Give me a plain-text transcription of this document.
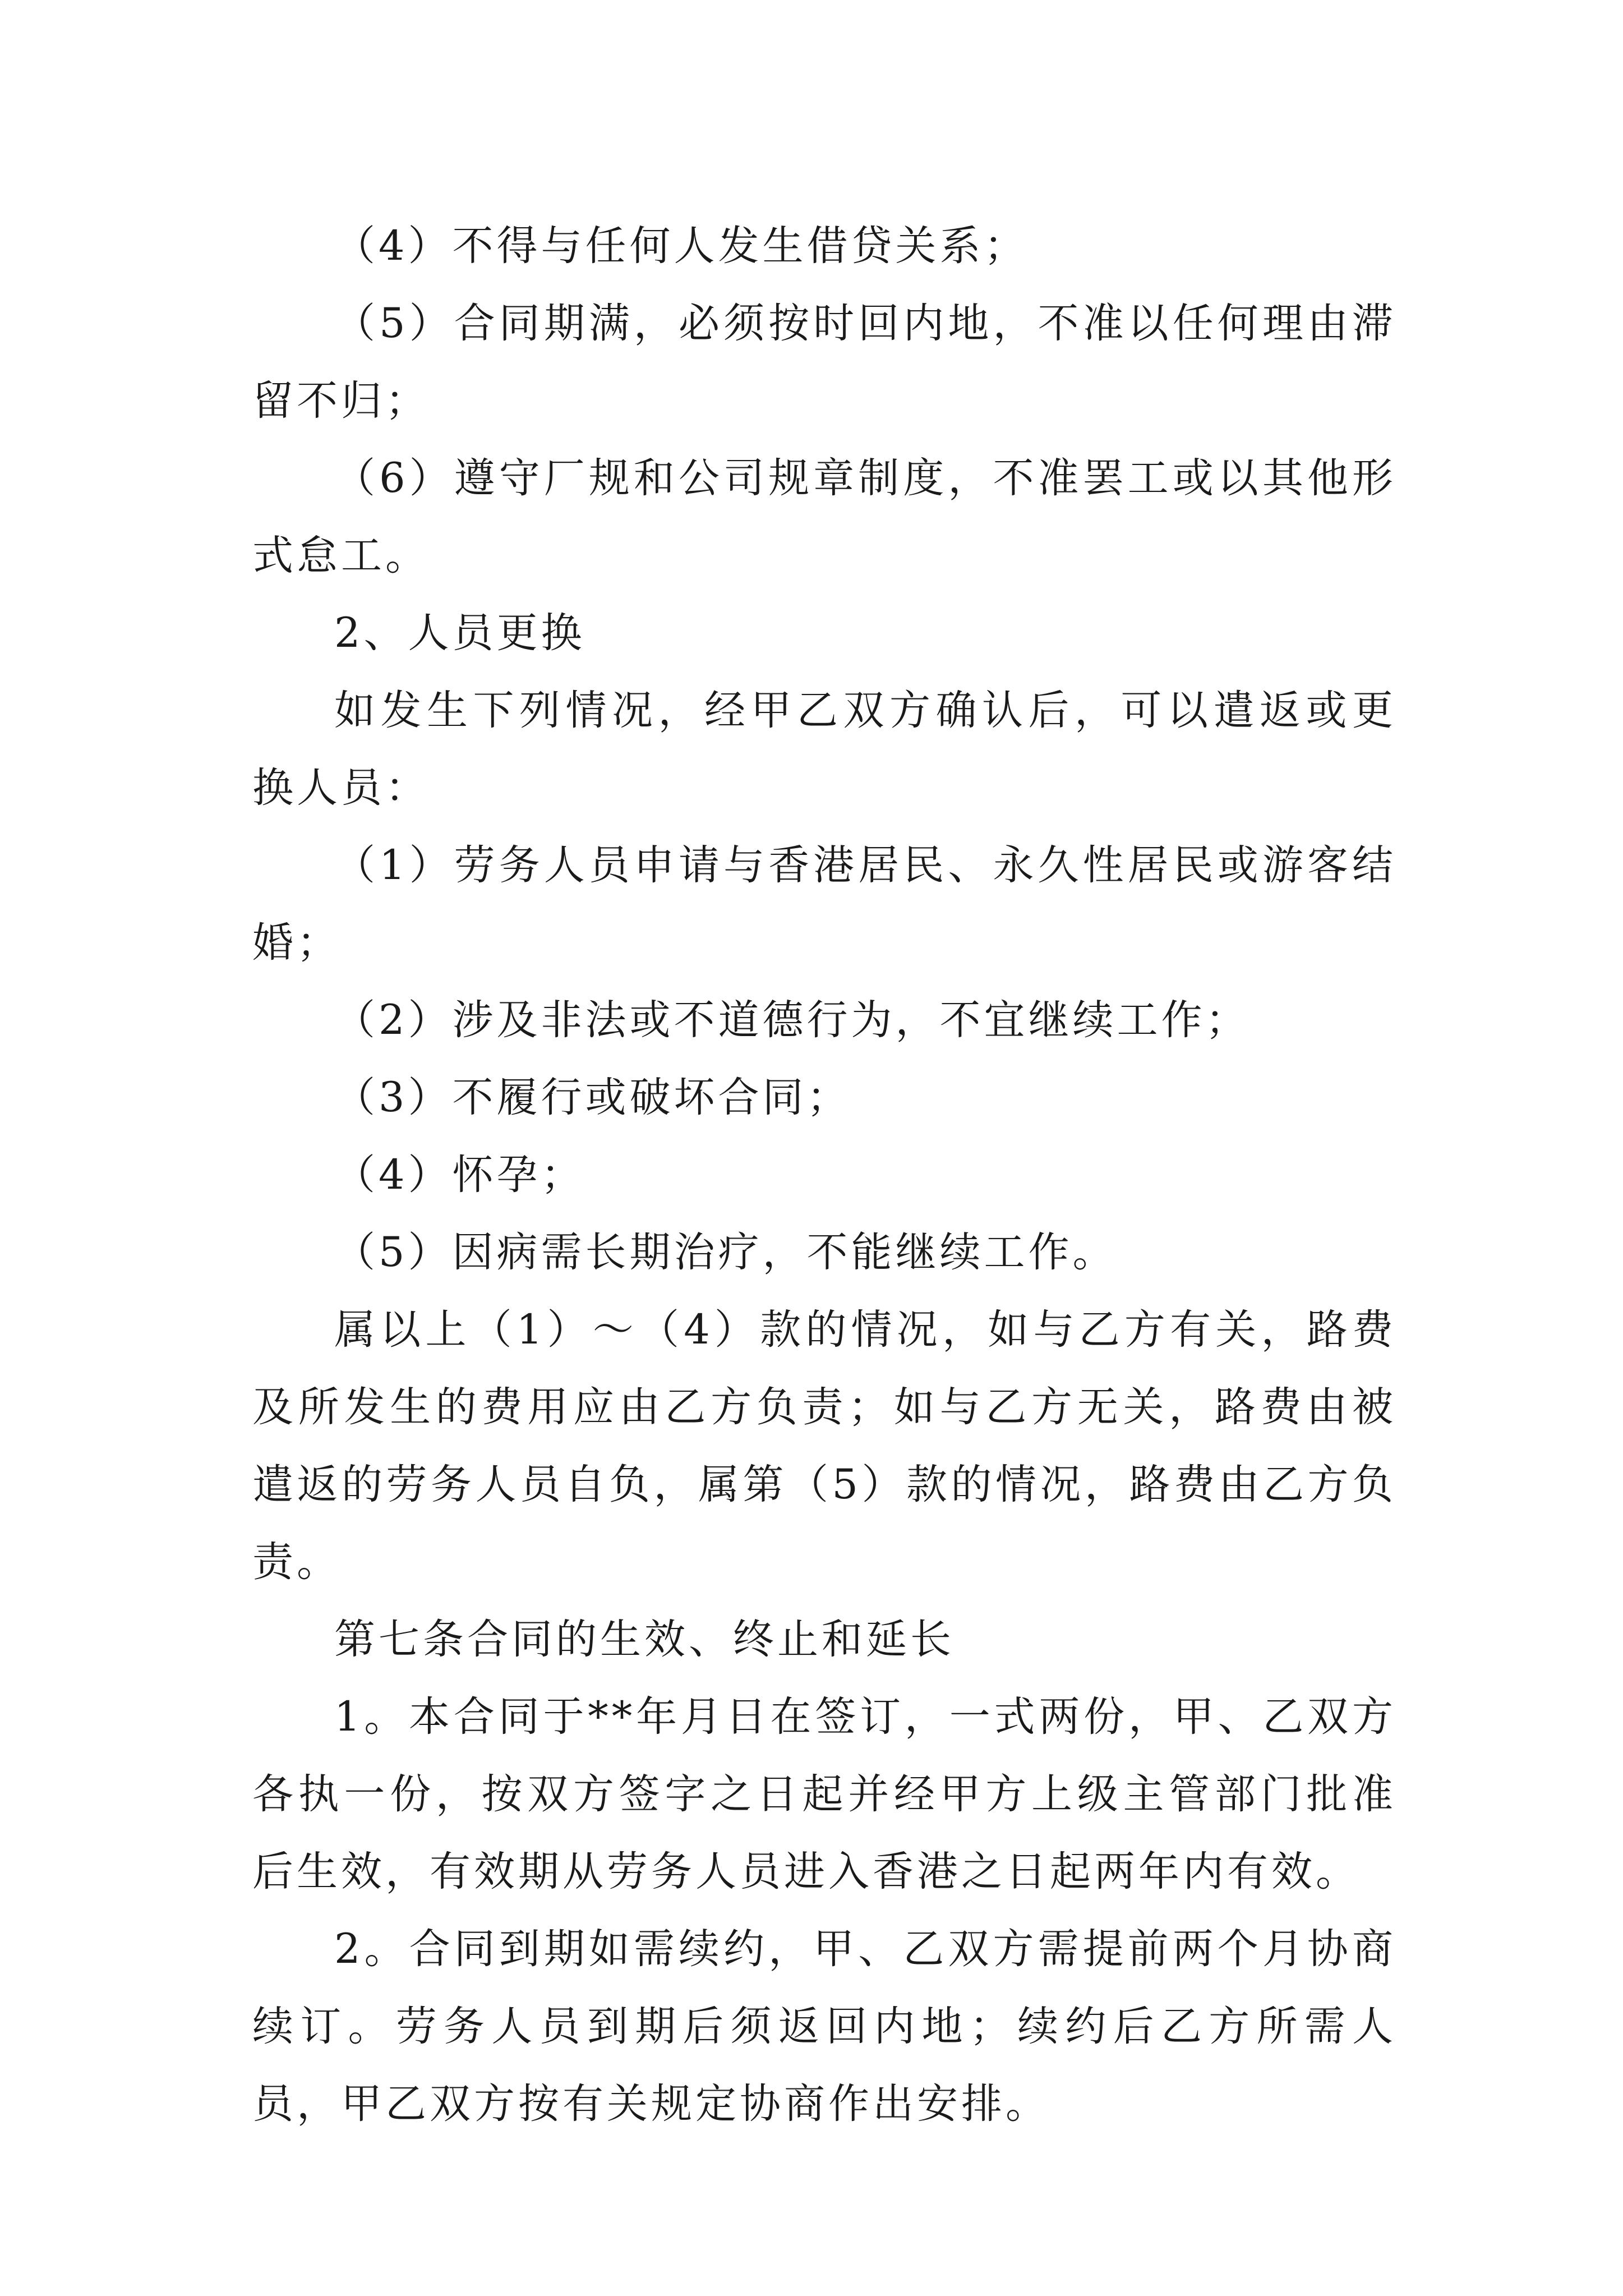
（4）不得与任何人发生借贷关系；

（5）合同期满，必须按时回内地，不准以任何理由滞留不归；

（6）遵守厂规和公司规章制度，不准罢工或以其他形式怠工。

2、人员更换

如发生下列情况，经甲乙双方确认后，可以遣返或更换人员：

（1）劳务人员申请与香港居民、永久性居民或游客结婚；

（2）涉及非法或不道德行为，不宜继续工作；

（3）不履行或破坏合同；

（4）怀孕；

（5）因病需长期治疗，不能继续工作。

属以上（1）～（4）款的情况，如与乙方有关，路费及所发生的费用应由乙方负责；如与乙方无关，路费由被遣返的劳务人员自负，属第（5）款的情况，路费由乙方负责。

第七条合同的生效、终止和延长

1。本合同于**年月日在签订，一式两份，甲、乙双方各执一份，按双方签字之日起并经甲方上级主管部门批准后生效，有效期从劳务人员进入香港之日起两年内有效。

2。合同到期如需续约，甲、乙双方需提前两个月协商续订。劳务人员到期后须返回内地；续约后乙方所需人员，甲乙双方按有关规定协商作出安排。
